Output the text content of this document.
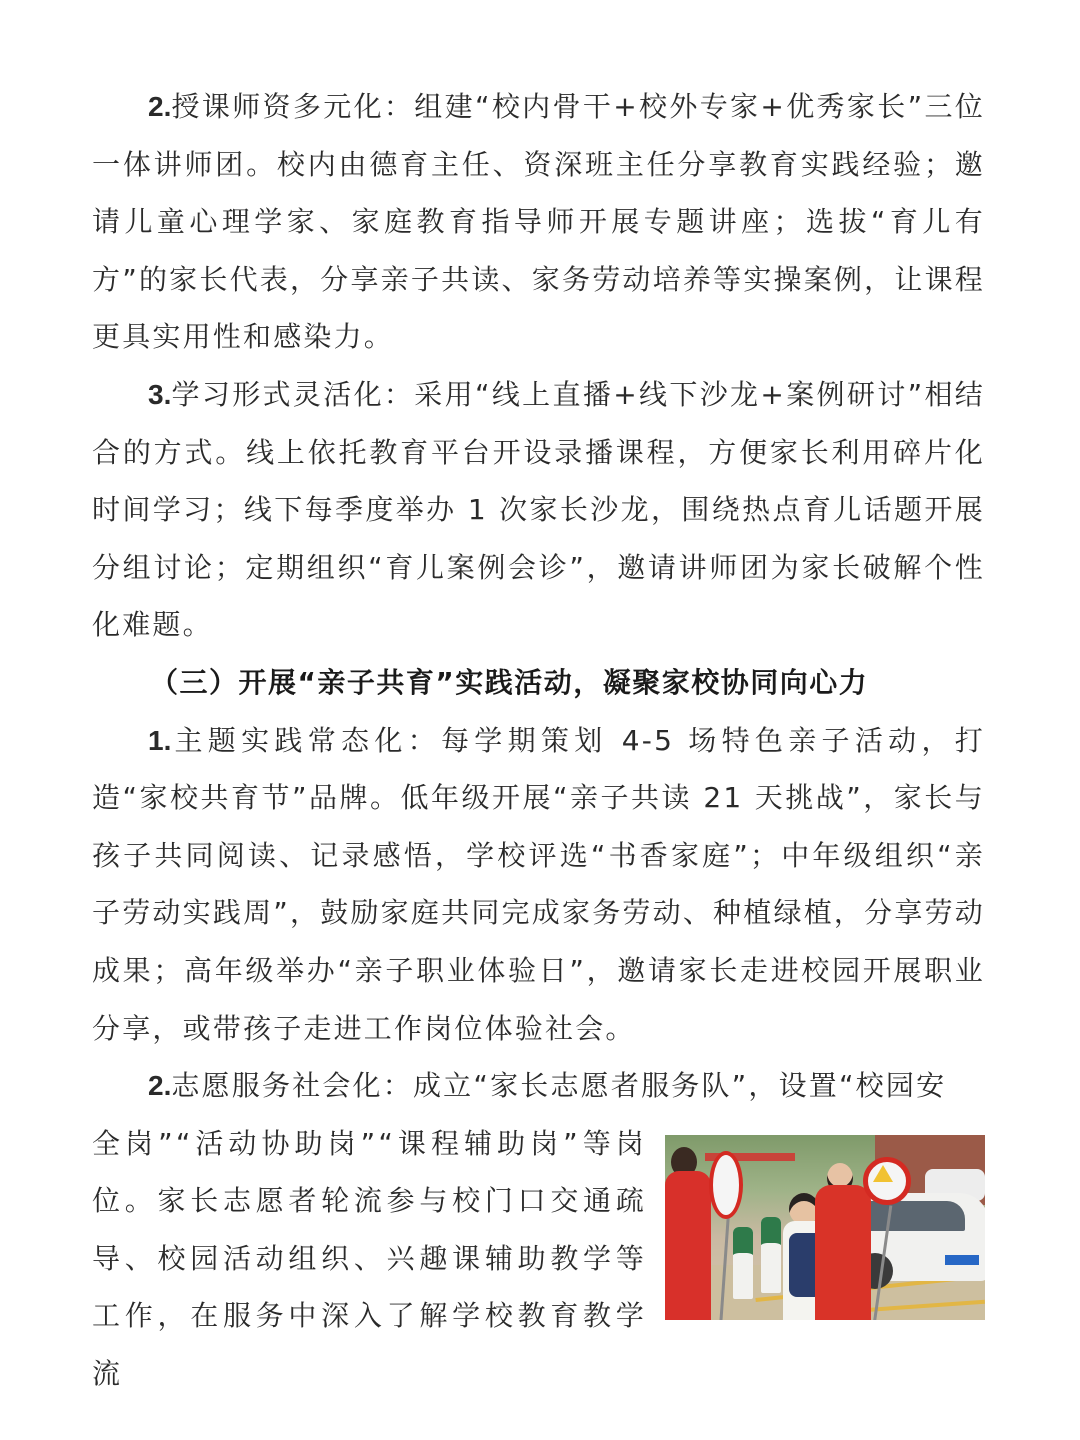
2.授课师资多元化：组建“校内骨干+校外专家+优秀家长”三位一体讲师团。校内由德育主任、资深班主任分享教育实践经验；邀请儿童心理学家、家庭教育指导师开展专题讲座；选拔“育儿有方”的家长代表，分享亲子共读、家务劳动培养等实操案例，让课程更具实用性和感染力。

3.学习形式灵活化：采用“线上直播+线下沙龙+案例研讨”相结合的方式。线上依托教育平台开设录播课程，方便家长利用碎片化时间学习；线下每季度举办 1 次家长沙龙，围绕热点育儿话题开展分组讨论；定期组织“育儿案例会诊”，邀请讲师团为家长破解个性化难题。

（三）开展“亲子共育”实践活动，凝聚家校协同向心力

1.主题实践常态化：每学期策划 4-5 场特色亲子活动，打造“家校共育节”品牌。低年级开展“亲子共读 21 天挑战”，家长与孩子共同阅读、记录感悟，学校评选“书香家庭”；中年级组织“亲子劳动实践周”，鼓励家庭共同完成家务劳动、种植绿植，分享劳动成果；高年级举办“亲子职业体验日”，邀请家长走进校园开展职业分享，或带孩子走进工作岗位体验社会。

2.志愿服务社会化：成立“家长志愿者服务队”，设置“校园安

全岗”“活动协助岗”“课程辅助岗”等岗位。家长志愿者轮流参与校门口交通疏导、校园活动组织、兴趣课辅助教学等工作，在服务中深入了解学校教育教学流
